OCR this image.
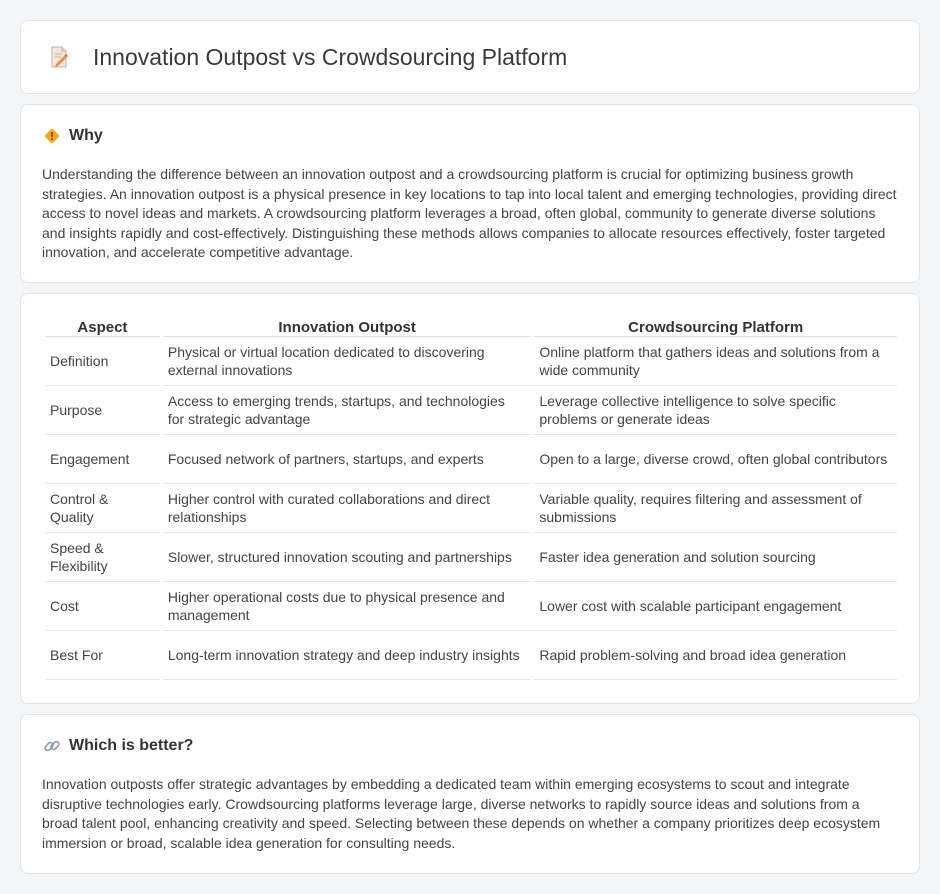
Innovation Outpost vs Crowdsourcing Platform
Why

Understanding the difference between an innovation outpost and a crowdsourcing platform is crucial for optimizing business growth strategies. An innovation outpost is a physical presence in key locations to tap into local talent and emerging technologies, providing direct access to novel ideas and markets. A crowdsourcing platform leverages a broad, often global, community to generate diverse solutions and insights rapidly and cost-effectively. Distinguishing these methods allows companies to allocate resources effectively, foster targeted innovation, and accelerate competitive advantage.

Aspect	Innovation Outpost	Crowdsourcing Platform
Definition	Physical or virtual location dedicated to discovering external innovations	Online platform that gathers ideas and solutions from a wide community
Purpose	Access to emerging trends, startups, and technologies for strategic advantage	Leverage collective intelligence to solve specific problems or generate ideas
Engagement	Focused network of partners, startups, and experts	Open to a large, diverse crowd, often global contributors
Control & Quality	Higher control with curated collaborations and direct relationships	Variable quality, requires filtering and assessment of submissions
Speed & Flexibility	Slower, structured innovation scouting and partnerships	Faster idea generation and solution sourcing
Cost	Higher operational costs due to physical presence and management	Lower cost with scalable participant engagement
Best For	Long-term innovation strategy and deep industry insights	Rapid problem-solving and broad idea generation
Which is better?

Innovation outposts offer strategic advantages by embedding a dedicated team within emerging ecosystems to scout and integrate disruptive technologies early. Crowdsourcing platforms leverage large, diverse networks to rapidly source ideas and solutions from a broad talent pool, enhancing creativity and speed. Selecting between these depends on whether a company prioritizes deep ecosystem immersion or broad, scalable idea generation for consulting needs.
